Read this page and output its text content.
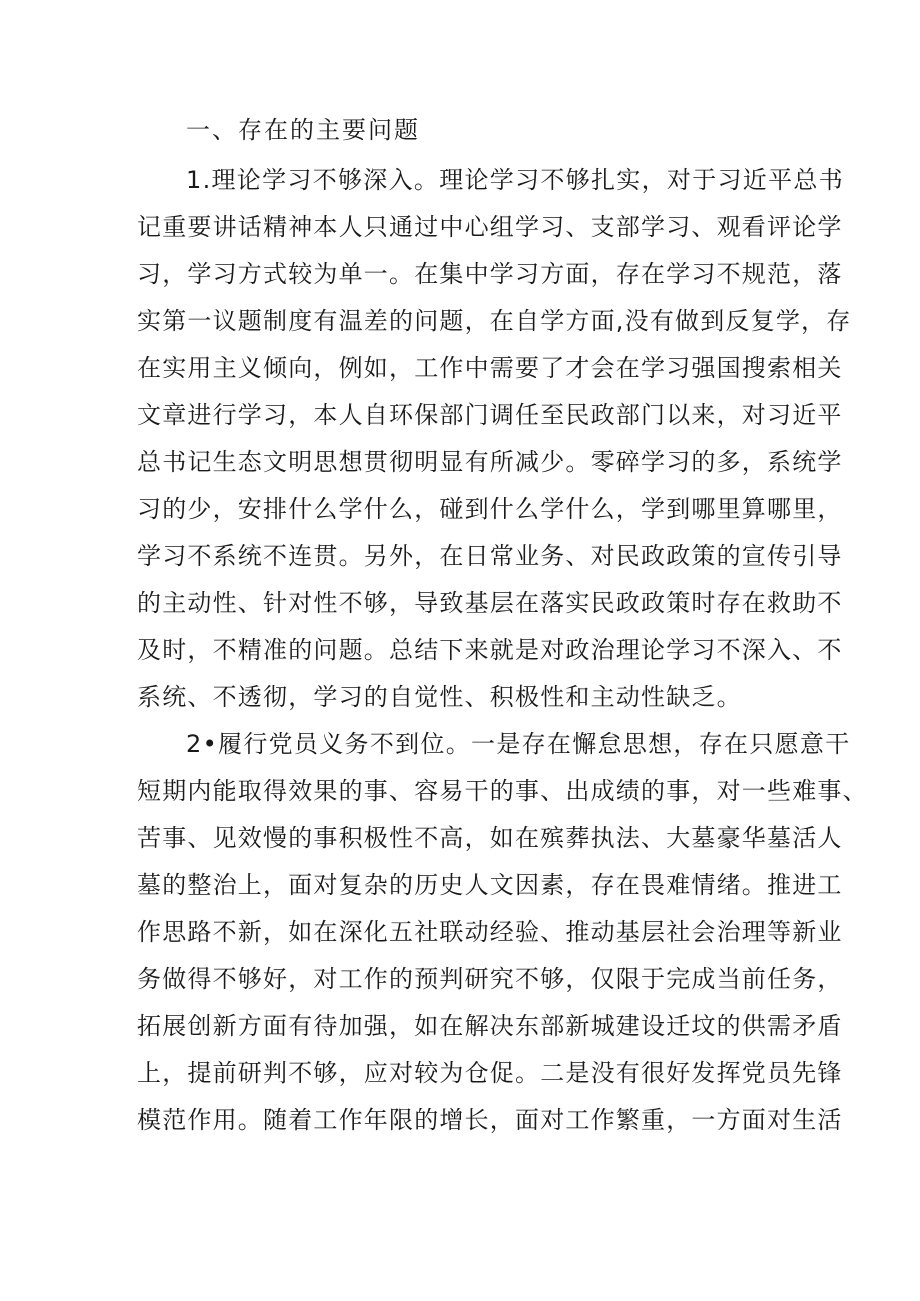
一、存在的主要问题
1.理论学习不够深入。理论学习不够扎实，对于习近平总书
记重要讲话精神本人只通过中心组学习、支部学习、观看评论学
习，学习方式较为单一。在集中学习方面，存在学习不规范，落
实第一议题制度有温差的问题，在自学方面,没有做到反复学，存
在实用主义倾向，例如，工作中需要了才会在学习强国搜索相关
文章进行学习，本人自环保部门调任至民政部门以来，对习近平
总书记生态文明思想贯彻明显有所减少。零碎学习的多，系统学
习的少，安排什么学什么，碰到什么学什么，学到哪里算哪里，
学习不系统不连贯。另外，在日常业务、对民政政策的宣传引导
的主动性、针对性不够，导致基层在落实民政政策时存在救助不
及时，不精准的问题。总结下来就是对政治理论学习不深入、不
系统、不透彻，学习的自觉性、积极性和主动性缺乏。
2•履行党员义务不到位。一是存在懈怠思想，存在只愿意干
短期内能取得效果的事、容易干的事、出成绩的事，对一些难事、
苦事、见效慢的事积极性不高，如在殡葬执法、大墓豪华墓活人
墓的整治上，面对复杂的历史人文因素，存在畏难情绪。推进工
作思路不新，如在深化五社联动经验、推动基层社会治理等新业
务做得不够好，对工作的预判研究不够，仅限于完成当前任务，
拓展创新方面有待加强，如在解决东部新城建设迁坟的供需矛盾
上，提前研判不够，应对较为仓促。二是没有很好发挥党员先锋
模范作用。随着工作年限的增长，面对工作繁重，一方面对生活
